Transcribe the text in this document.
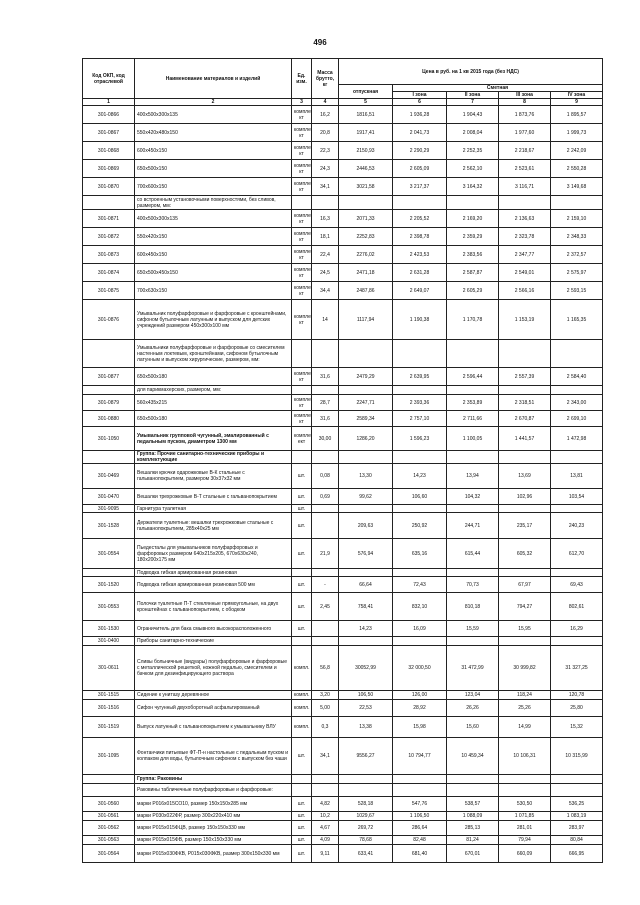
496
Код ОКП, код отраслевой	Наименование материалов и изделий	Ед. изм.	Масса брутто, кг	Цена в руб. на 1 кв 2015 года (без НДС)				
				отпускная	Сметная			
					I зона	II зона	III зона	IV зона
1	2	3	4	5	6	7	8	9
301-0866	400x500x300x135	компле кт	16,2	1816,51	1 936,28	1 904,43	1 873,76	1 895,57
301-0867	550x420x480x150	компле кт	20,8	1917,41	2 041,73	2 008,04	1 977,60	1 999,73
301-0868	600x450x150	компле кт	22,3	2150,93	2 290,29	2 252,35	2 218,67	2 242,09
301-0869	650x500x150	компле кт	24,3	2446,53	2 605,09	2 562,10	2 523,61	2 550,28
301-0870	700x600x150	компле кт	34,1	3021,58	3 217,37	3 164,32	3 116,71	3 149,68
	со встроенным установочными поверхностями, без сливов, размером, мм:							
301-0871	400x500x300x135	компле кт	16,3	2071,33	2 205,52	2 169,20	2 136,63	2 159,10
301-0872	550x420x150	компле кт	18,1	2252,83	2 398,78	2 359,29	2 323,78	2 348,33
301-0873	600x450x150	компле кт	22,4	2276,02	2 423,53	2 383,56	2 347,77	2 372,57
301-0874	650x500x450x150	компле кт	24,5	2471,18	2 631,28	2 587,87	2 549,01	2 575,97
301-0875	700x630x150	компле кт	34,4	2487,86	2 649,07	2 605,29	2 566,16	2 593,15
301-0876	Умывальник полуфарфоровые и фарфоровые с кронштейнами, сифоном бутылочным латунным и выпуском для детских учреждений размером 450x300x100 мм	компле кт	14	1117,94	1 190,38	1 170,78	1 153,19	1 165,35
	Умывальники полуфарфоровые и фарфоровые со смесителем настенным локтевым, кронштейнами, сифоном бутылочным латунным и выпуском хирургические, размером, мм:							
301-0877	650x500x180	компле кт	31,6	2479,29	2 639,95	2 596,44	2 557,39	2 584,40
	для парикмахерских, размером, мм:							
301-0879	560x435x215	компле кт	28,7	2247,71	2 393,36	2 353,89	2 318,51	2 343,00
301-0880	650x500x180	компле кт	31,6	2589,34	2 757,10	2 711,66	2 670,87	2 699,10
301-1050	Умывальник групповой чугунный, эмалированный с педальным пуском, диаметром 1300 мм	компле ект	30,00	1286,20	1 596,23	1 100,05	1 441,57	1 472,98
	Группа: Прочие санитарно-технические приборы и комплектующие							
301-0469	Вешалки крючки одарожковые В-К стальные с гальванопокрытием, размером 30x37x32 мм	шт.	0,08	13,30	14,23	13,94	13,69	13,81
301-0470	Вешалки трехрожковые В-Т стальные с гальванопокрытием	шт.	0,69	99,62	106,60	104,32	102,96	103,54
301-9095	Гарнитура туалетная	шт.						
301-1528	Держатели туалетные: вешалки трехрожковые стальные с гальванопокрытием, 285x40x25 мм	шт.		209,63	250,92	244,71	235,17	240,23
301-0554	Пьедесталы для умывальников полуфарфоровых и фарфоровых размером 640x215x205, 670x630x240, 180x200x175 мм	шт.	21,9	576,94	635,16	615,44	605,32	612,70
	Подводка гибкая армированная резиновая							
301-1520	Подводка гибкая армированная резиновая 500 мм	шт.	-	66,64	72,43	70,73	67,97	69,43
301-0553	Полочки туалетные П-Т стеклянные прямоугольные, на двух кронштейнах с гальванопокрытием, с ободком	шт.	2,45	758,41	832,10	810,18	794,27	802,61
301-1530	Ограничитель для бака смывного высокорасположенного	шт.		14,23	16,09	15,59	15,95	16,29
301-0400	Приборы санитарно-технические							
301-0611	Сливы больничные (видуары) полуфарфоровые и фарфоровые с металлической решеткой, ножной педалью, смесителем и бачком для дезинфицирующего раствора	компл.	56,8	30052,99	32 000,50	31 472,99	30 999,82	31 327,25
301-1515	Сидение к унитазу деревянное	компл.	3,20	106,50	126,00	123,04	118,24	120,78
301-1516	Сифон чугунный двухоборотный асфальтированный	компл.	5,00	22,53	28,92	26,26	25,26	25,80
301-1519	Выпуск латунный с гальванопокрытием к умывальнику ВЛУ	компл.	0,3	13,38	15,98	15,60	14,99	15,32
301-1095	Фонтанчики питьевые ФТ-П-н настольные с педальным пуском и колпаком для воды, бутылочным сифоном с выпуском без чаши	шт.	34,1	9556,27	10 794,77	10 459,34	10 106,31	10 315,99
	Группа: Раковины							
	Раковины табличечные полуфарфоровые и фарфоровые:							
301-0560	марки Р016x015СО10, размер 150x150x285 мм	шт.	4,82	528,18	547,76	538,57	530,50	536,25
301-0561	марки Р030x022ФР, размер 300x220x410 мм	шт.	10,2	1029,67	1 106,50	1 088,09	1 071,85	1 083,19
301-0562	марки Р015x015ФЦВ, размер 150x150x330 мм	шт.	4,67	269,72	286,64	285,13	281,01	283,97
301-0563	марки Р015x015ФВ, размер 150x150x330 мм	шт.	4,09	78,68	82,48	81,24	79,94	80,84
301-0564	марки Р015x030ФКВ, Р015x030ФКВ, размер 300x150x330 мм	шт.	9,11	633,41	681,40	670,01	660,09	666,95
